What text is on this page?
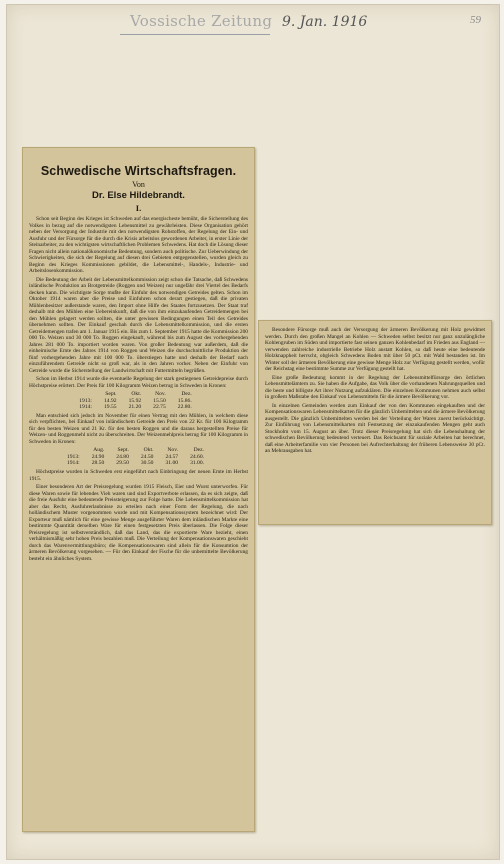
Vossische Zeitung 9. Jan. 1916	59
Schwedische Wirtschaftsfragen.
Von
Dr. Else Hildebrandt.
I.

Schon seit Beginn des Krieges ist Schweden auf das energischeste bemüht, die Sicherstellung des Volkes in bezug auf die notwendigsten Lebensmittel zu gewährleisten. Diese Organisation gehört neben der Versorgung der Industrie mit den notwendigsten Rohstoffen, der Regelung der Ein- und Ausfuhr und der Fürsorge für die durch die Krisis arbeitslos gewordenen Arbeiter, in erster Linie der Steinarbeiter, zu den wichtigsten wirtschaftlichen Problemen Schwedens. Hat doch die Lösung dieser Fragen nicht allein nationalökonomische Bedeutung, sondern auch politische. Zur Ueberwindung der Schwierigkeiten, die sich der Regelung auf diesen drei Gebieten entgegenstellen, wurden gleich zu Beginn des Krieges Kommissionen gebildet, die Lebensmittel-, Handels-, Industrie- und Arbeitslosenkommission.

Die Bedeutung der Arbeit der Lebensmittelkommission zeigt schon die Tatsache, daß Schwedens inländische Produktion an Brotgetreide (Roggen und Weizen) nur ungefähr drei Viertel des Bedarfs decken kann. Die wichtigste Sorge mußte der Einfuhr des notwendigen Getreides gelten. Schon im Oktober 1914 waren aber die Preise und Einfuhren schon derart gestiegen, daß die privaten Mühlenbesitzer außerstande waren, den Import ohne Hilfe des Staates fortzusetzen. Der Staat traf deshalb mit den Mühlen eine Uebereinkunft, daß die von ihm einzukaufenden Getreidemengen bei den Mühlen gelagert werden sollten, die unter gewissen Bedingungen einen Teil des Getreides übernehmen sollten. Der Einkauf geschah durch die Lebensmittelkommission, und die ersten Getreidemengen trafen am 1. Januar 1915 ein. Bis zum 1. September 1915 hatte die Kommission 200 000 To. Weizen und 30 000 To. Roggen eingekauft, während bis zum August des vorhergehenden Jahres 281 000 To. importiert worden waren. Von großer Bedeutung war außerdem, daß die einheimische Ernte des Jahres 1914 von Roggen und Weizen die durchschnittliche Produktion der fünf vorhergehenden Jahre mit 100 000 To. überstiegen hatte und deshalb der Bedarf nach einzuführendem Getreide nicht so groß war, als in den Jahren vorher. Neben der Einfuhr von Getreide wurde die Sicherstellung der Landwirtschaft mit Futtermitteln begrüßen.

Schon im Herbst 1914 wurde die eventuelle Regelung der stark gestiegenen Getreidepreise durch Höchstpreise erörtert. Der Preis für 100 Kilogramm Weizen betrug in Schweden in Kronen:

	Sept.	Okt.	Nov.	Dez.
1913:	14.92	15.92	15.50	15.86.
1914:	19.55	21.20	22.75	22.80.

Man entschied sich jedoch im November für einen Vertrag mit den Mühlen, in welchem diese sich verpflichten, bei Einkauf von inländischem Getreide den Preis von 22 Kr. für 100 Kilogramm für den besten Weizen und 21 Kr. für den besten Roggen und die daraus hergestellten Preise für Weizen- und Roggenmehl nicht zu überschreiten. Der Weizenmehlpreis betrug für 100 Kilogramm in Schweden in Kronen:

	Aug.	Sept.	Okt.	Nov.	Dez.
1913:	24.90	24.80	24.50	24.57	24.60.
1914:	28.50	29.50	30.50	31.00	31.00.

Höchstpreise wurden in Schweden erst eingeführt nach Einbringung der neuen Ernte im Herbst 1915.

Einer besonderen Art der Preisregelung wurden 1915 Fleisch, Eier und Wurst unterworfen. Für diese Waren sowie für lebendes Vieh waren und sind Exportverbote erlassen, da es sich zeigte, daß die freie Ausfuhr eine bedeutende Preissteigerung zur Folge hatte. Die Lebensmittelkommission hat aber das Recht, Ausfuhrerlaubnisse zu erteilen nach einer Form der Regelung, die nach holländischem Muster vorgenommen wurde und mit Kompensationssystem bezeichnet wird: Der Exporteur muß nämlich für eine gewisse Menge ausgeführter Waren dem inländischen Markte eine bestimmte Quantität derselben Ware für einen festgesetzten Preis überlassen. Die Folge dieser Preisregelung ist selbstverständlich, daß das Land, das die exportierte Ware bezieht, einen verhältnismäßig sehr hohen Preis bezahlen muß. Die Verteilung der Kompensationswaren geschieht durch das Warenvermittlungsbüro; die Kompensationswaren sind allein für die Konsumtion der ärmeren Bevölkerung vorgesehen. — Für den Einkauf der Fische für die unbemittelte Bevölkerung besteht ein ähnliches System.

Besondere Fürsorge muß auch der Versorgung der ärmeren Bevölkerung mit Holz gewidmet werden. Durch den großen Mangel an Kohlen — Schweden selbst besitzt nur ganz unzulängliche Kohlengruben im Süden und importierte fast seinen ganzen Kohlenbedarf im Frieden aus England — verwenden zahlreiche industrielle Betriebe Holz anstatt Kohlen, so daß heute eine bedeutende Holzknappheit herrscht, obgleich Schwedens Boden mit über 50 pCt. mit Wald bestanden ist. Im Winter soll der ärmeren Bevölkerung eine gewisse Menge Holz zur Verfügung gestellt werden, wofür der Reichstag eine bestimmte Summe zur Verfügung gestellt hat.

Eine große Bedeutung kommt in der Regelung der Lebensmittelfürsorge den örtlichen Lebensmittelämtern zu. Sie haben die Aufgabe, das Volk über die vorhandenen Nahrungsquellen und die beste und billigste Art ihrer Nutzung aufzuklären. Die einzelnen Kommunen nehmen auch selbst in großem Maßstabe den Einkauf von Lebensmitteln für die ärmere Bevölkerung vor.

In einzelnen Gemeinden werden zum Einkauf der von den Kommunen eingekauften und der Kompensationswaren Lebensmittelkarten für die gänzlich Unbemittelten und die ärmere Bevölkerung ausgestellt. Die gänzlich Unbemittelten werden bei der Verteilung der Waren zuerst berücksichtigt. Zur Einführung von Lebensmittelkarten mit Festsetzung der einzukaufenden Mengen geht auch Stockholm vom 15. August an über. Trotz dieser Preisregelung hat sich die Lebenshaltung der schwedischen Bevölkerung bedeutend verteuert. Das Reichsamt für soziale Arbeiten hat berechnet, daß eine Arbeiterfamilie von vier Personen bei Aufrechterhaltung der früheren Lebensweise 30 pCt. an Mehrausgaben hat.
